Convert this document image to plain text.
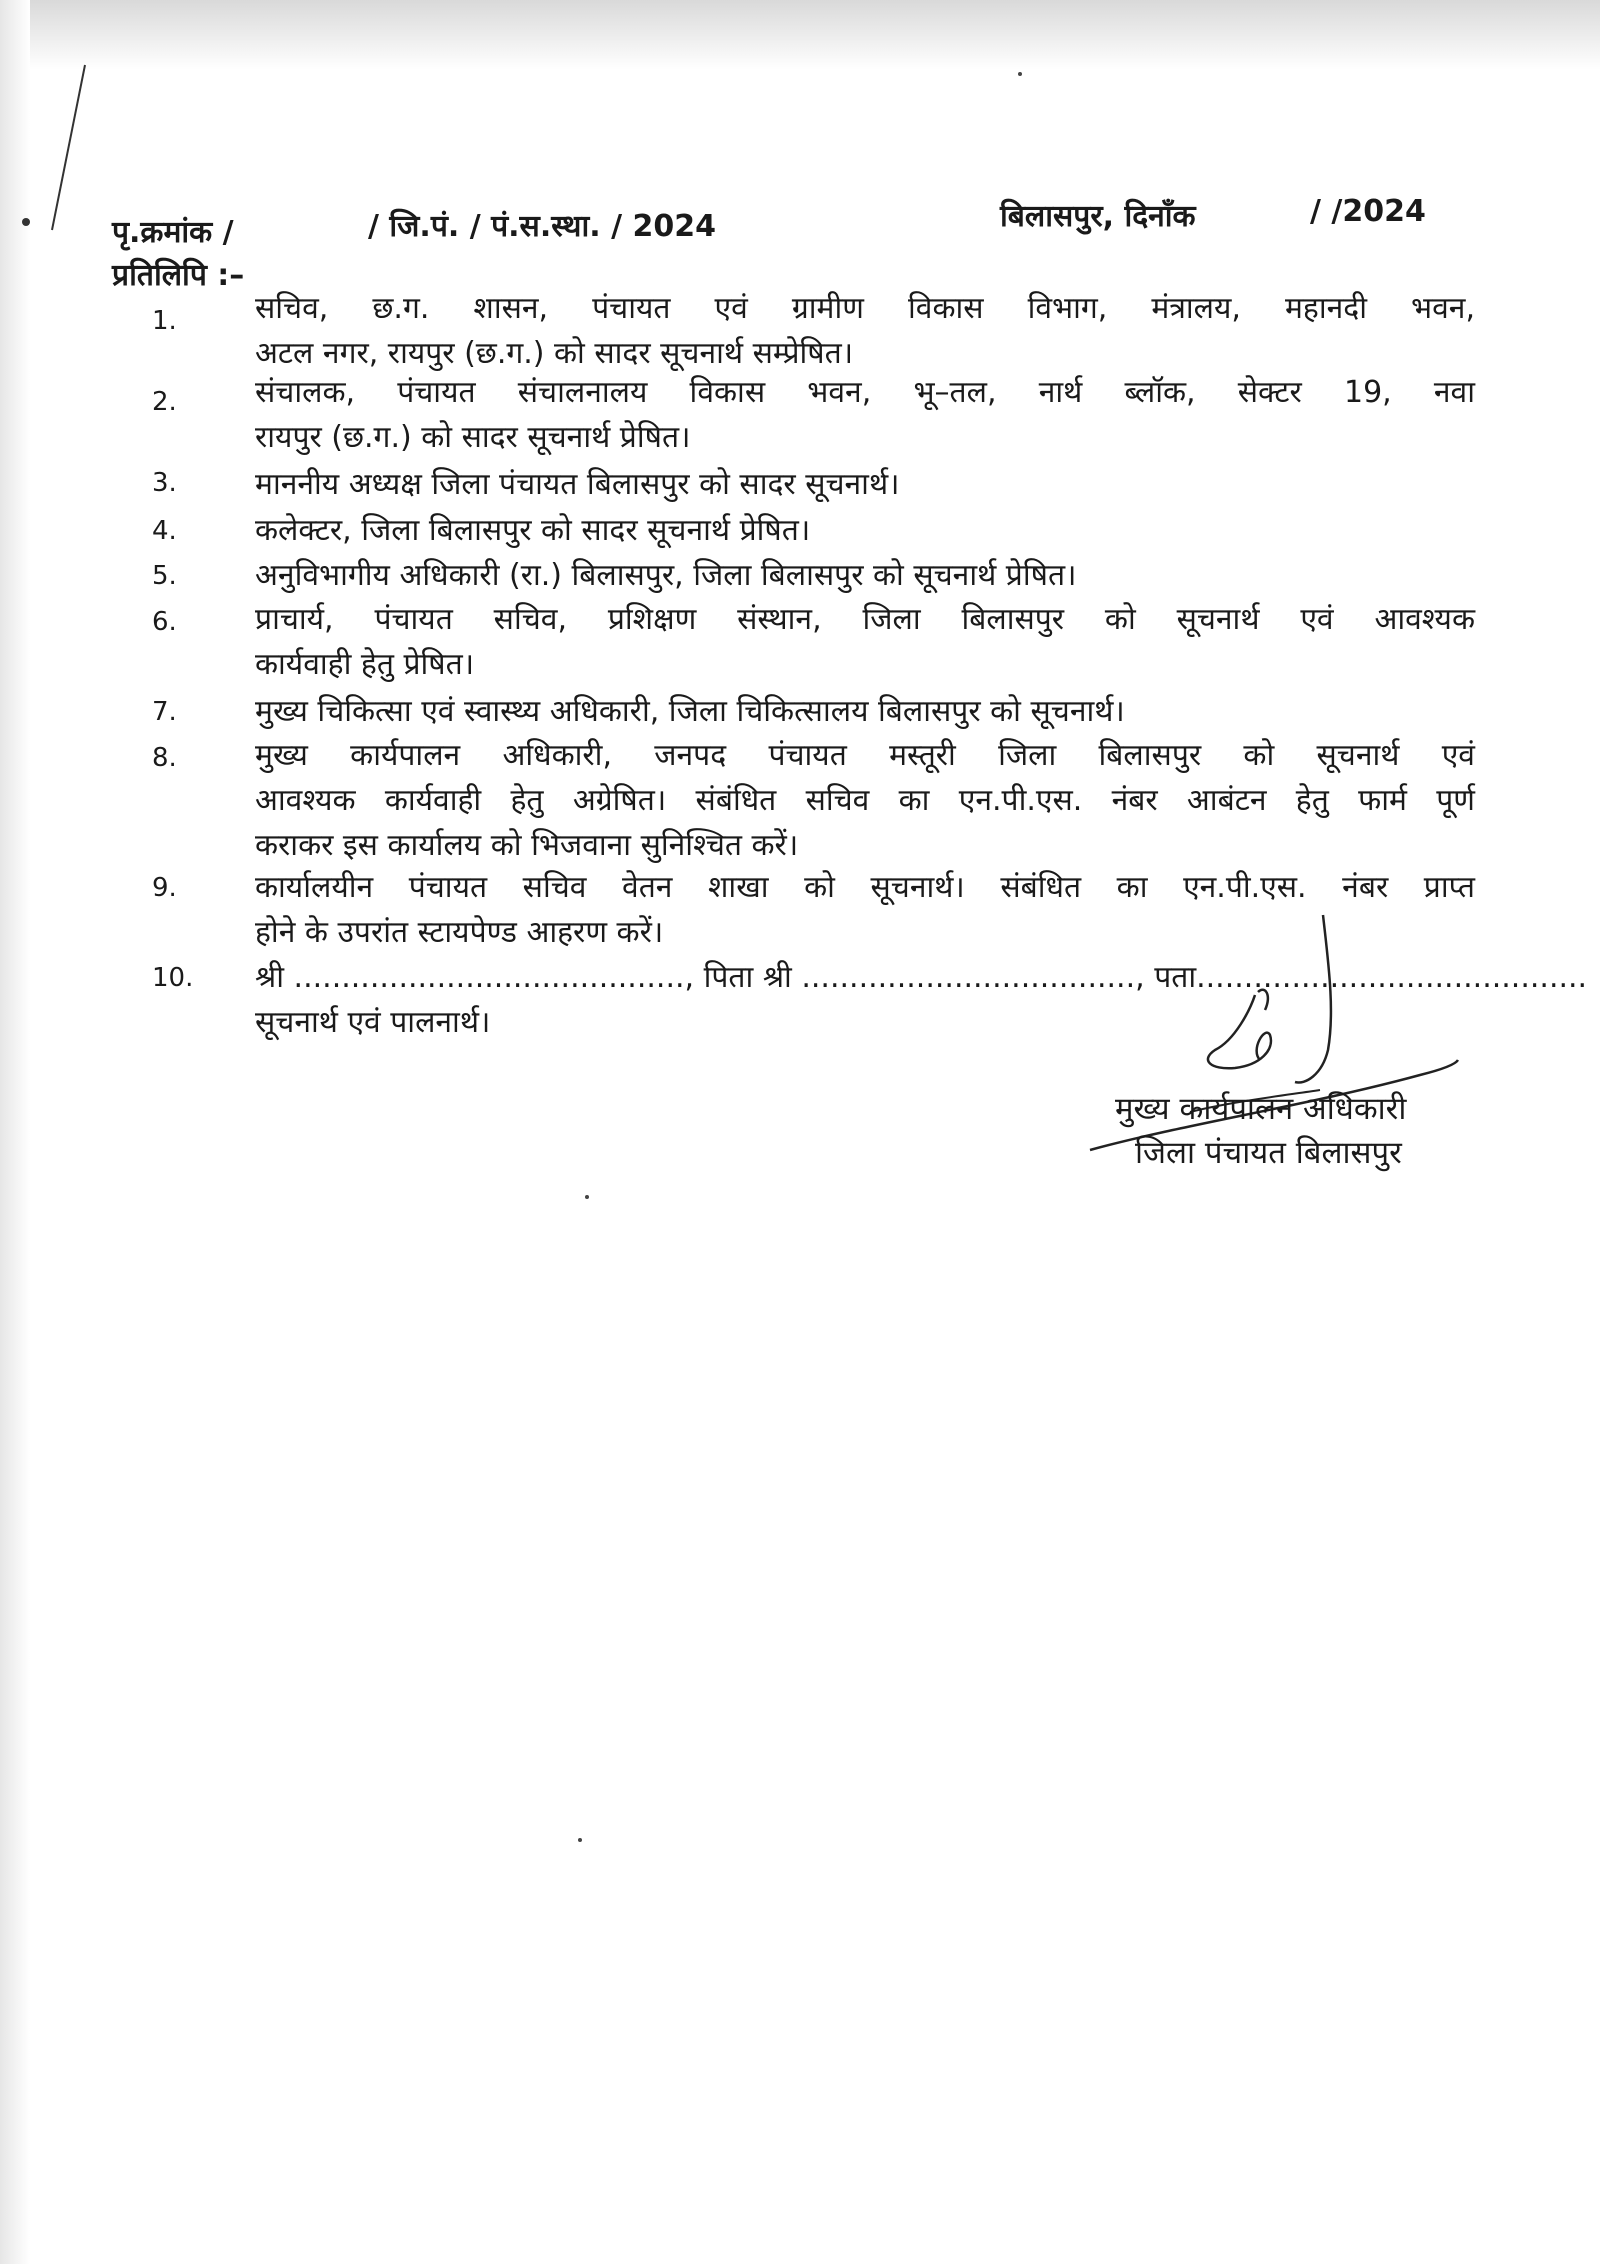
पृ.क्रमांक /	/ जि.पं. / पं.स.स्था. / 2024	बिलासपुर, दिनाँक	/ /2024
प्रतिलिपि :–
1.	सचिव, छ.ग. शासन, पंचायत एवं ग्रामीण विकास विभाग, मंत्रालय, महानदी भवन,
अटल नगर, रायपुर (छ.ग.) को सादर सूचनार्थ सम्प्रेषित।
2.	संचालक, पंचायत संचालनालय विकास भवन, भू–तल, नार्थ ब्लॉक, सेक्टर 19, नवा
रायपुर (छ.ग.) को सादर सूचनार्थ प्रेषित।
3.	माननीय अध्यक्ष जिला पंचायत बिलासपुर को सादर सूचनार्थ।
4.	कलेक्टर, जिला बिलासपुर को सादर सूचनार्थ प्रेषित।
5.	अनुविभागीय अधिकारी (रा.) बिलासपुर, जिला बिलासपुर को सूचनार्थ प्रेषित।
6.	प्राचार्य, पंचायत सचिव, प्रशिक्षण संस्थान, जिला बिलासपुर को सूचनार्थ एवं आवश्यक
कार्यवाही हेतु प्रेषित।
7.	मुख्य चिकित्सा एवं स्वास्थ्य अधिकारी, जिला चिकित्सालय बिलासपुर को सूचनार्थ।
8.	मुख्य कार्यपालन अधिकारी, जनपद पंचायत मस्तूरी जिला बिलासपुर को सूचनार्थ एवं
आवश्यक कार्यवाही हेतु अग्रेषित। संबंधित सचिव का एन.पी.एस. नंबर आबंटन हेतु फार्म पूर्ण
कराकर इस कार्यालय को भिजवाना सुनिश्चित करें।
9.	कार्यालयीन पंचायत सचिव वेतन शाखा को सूचनार्थ। संबंधित का एन.पी.एस. नंबर प्राप्त
होने के उपरांत स्टायपेण्ड आहरण करें।
10.	श्री ........................................., पिता श्री ..................................., पता.........................................
सूचनार्थ एवं पालनार्थ।
मुख्य कार्यपालन अधिकारी
जिला पंचायत बिलासपुर
